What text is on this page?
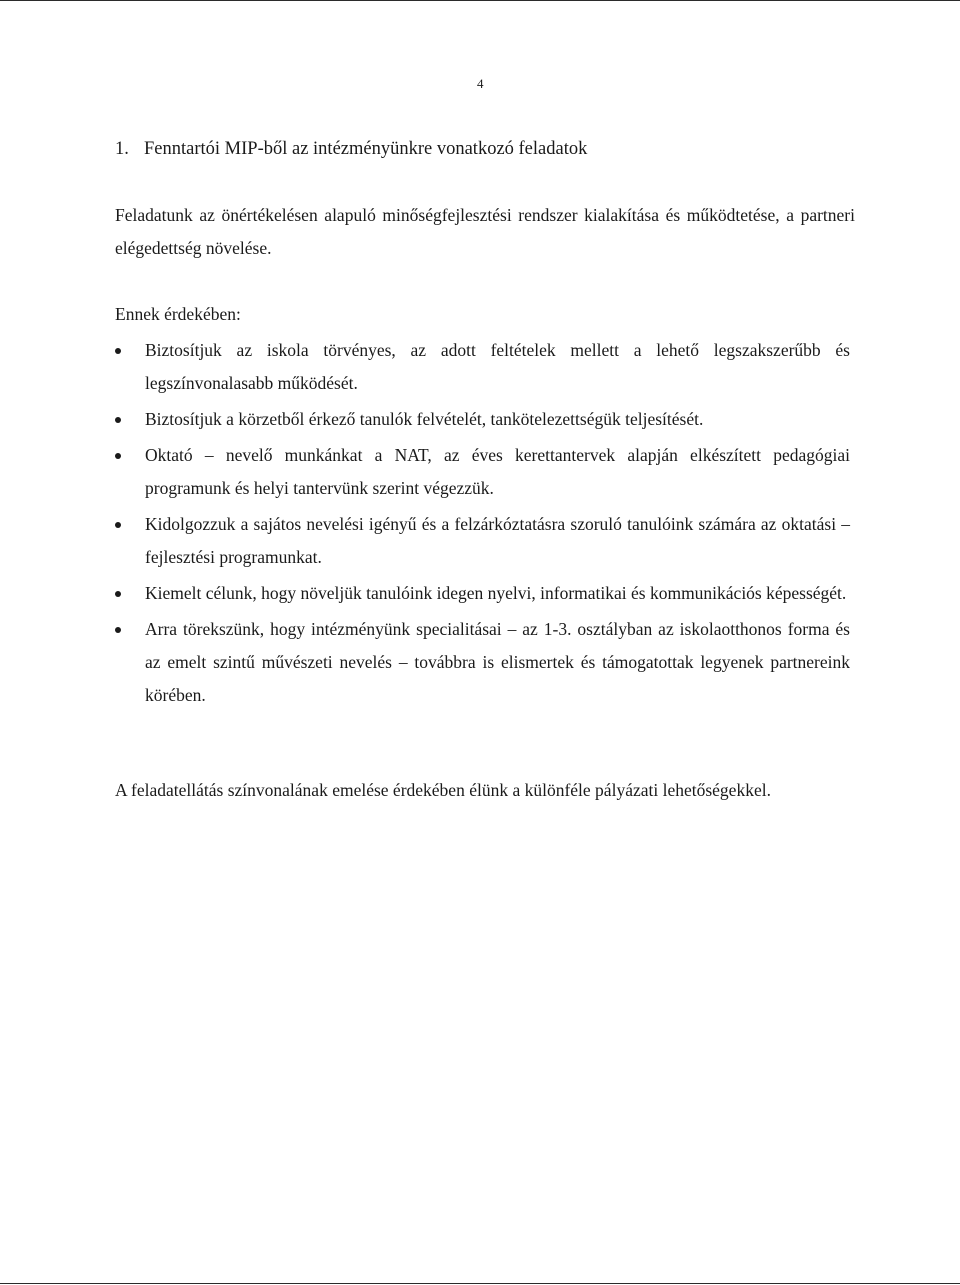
4
1. Fenntartói MIP-ből az intézményünkre vonatkozó feladatok

Feladatunk az önértékelésen alapuló minőségfejlesztési rendszer kialakítása és működtetése, a partneri elégedettség növelése.

Ennek érdekében:

Biztosítjuk az iskola törvényes, az adott feltételek mellett a lehető legszakszerűbb és legszínvonalasabb működését.
Biztosítjuk a körzetből érkező tanulók felvételét, tankötelezettségük teljesítését.
Oktató – nevelő munkánkat a NAT, az éves kerettantervek alapján elkészített pedagógiai programunk és helyi tantervünk szerint végezzük.
Kidolgozzuk a sajátos nevelési igényű és a felzárkóztatásra szoruló tanulóink számára az oktatási – fejlesztési programunkat.
Kiemelt célunk, hogy növeljük tanulóink idegen nyelvi, informatikai és kommunikációs képességét.
Arra törekszünk, hogy intézményünk specialitásai – az 1-3. osztályban az iskolaotthonos forma és az emelt szintű művészeti nevelés – továbbra is elismertek és támogatottak legyenek partnereink körében.

A feladatellátás színvonalának emelése érdekében élünk a különféle pályázati lehetőségekkel.
